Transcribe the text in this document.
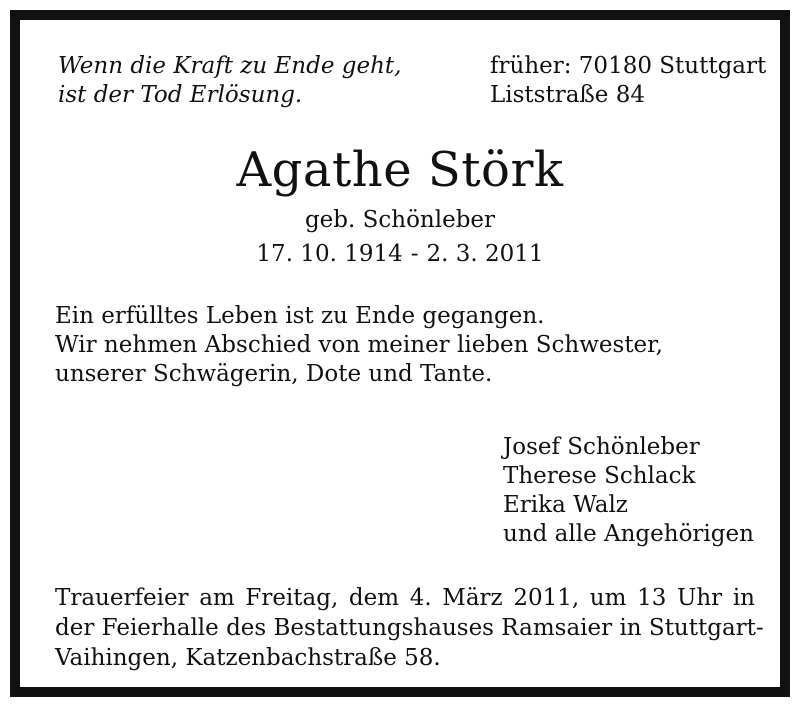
Wenn die Kraft zu Ende geht,
ist der Tod Erlösung.
früher: 70180 Stuttgart
Liststraße 84
Agathe Störk
geb. Schönleber
17. 10. 1914 - 2. 3. 2011
Ein erfülltes Leben ist zu Ende gegangen.
Wir nehmen Abschied von meiner lieben Schwester,
unserer Schwägerin, Dote und Tante.
Josef Schönleber
Therese Schlack
Erika Walz
und alle Angehörigen
Trauerfeier am Freitag, dem 4. März 2011, um 13 Uhr in
der Feierhalle des Bestattungshauses Ramsaier in Stuttgart-
Vaihingen, Katzenbachstraße 58.
